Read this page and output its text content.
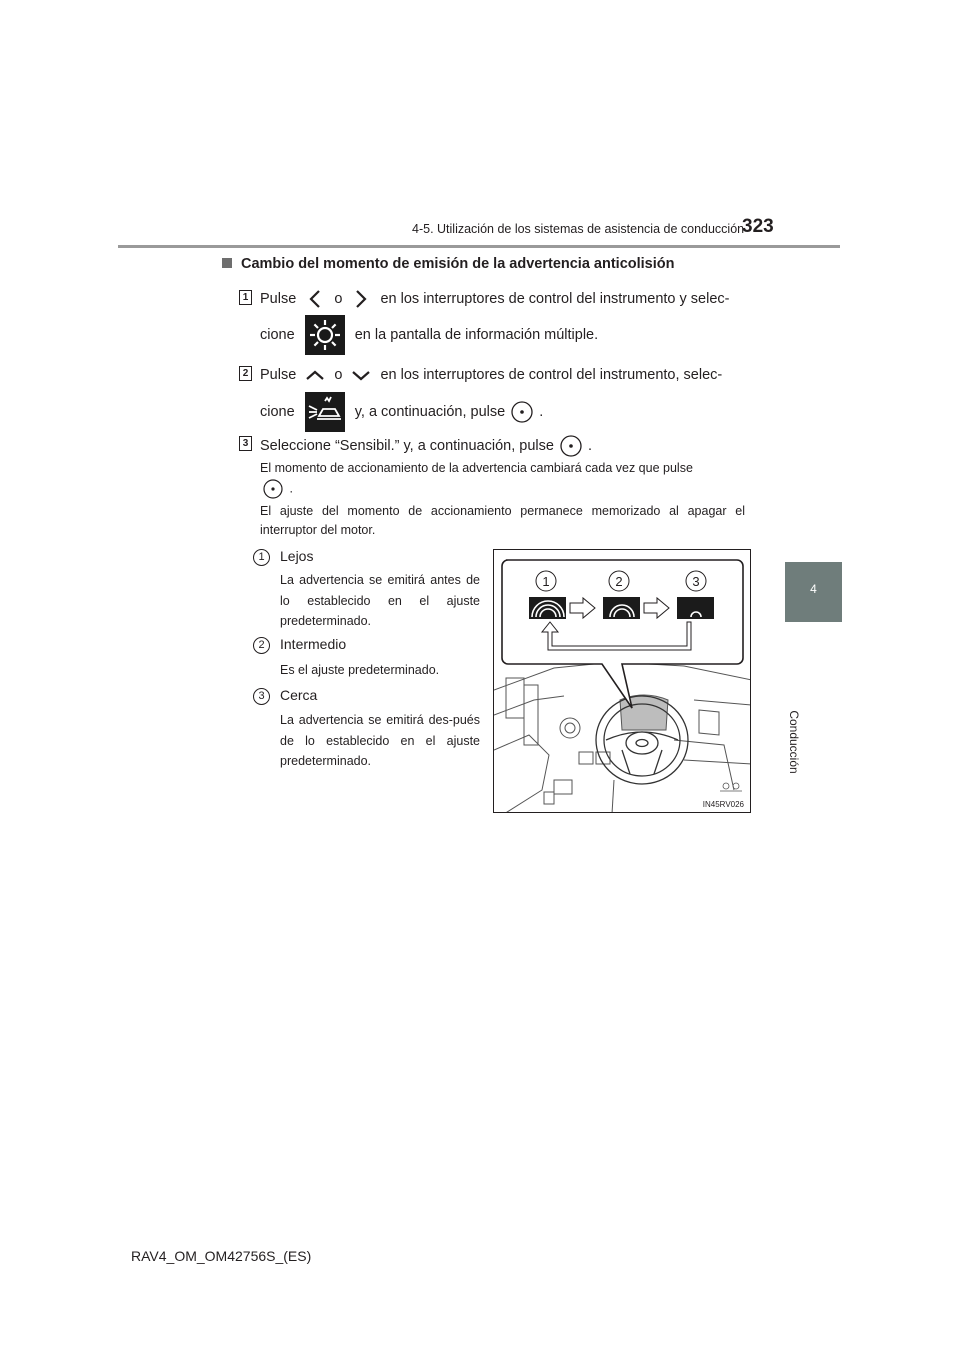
4-5. Utilización de los sistemas de asistencia de conducción
323
4
Conducción
Cambio del momento de emisión de la advertencia anticolisión
1 Pulse	o	en los interruptores de control del instrumento y selec-
cione	en la pantalla de información múltiple.
2 Pulse	o	en los interruptores de control del instrumento, selec-
cione	y, a continuación, pulse .
3 Seleccione “Sensibil.” y, a continuación, pulse .
El momento de accionamiento de la advertencia cambiará cada vez que pulse
.
El ajuste del momento de accionamiento permanece memorizado al apagar el interruptor del motor.
1	Lejos
La advertencia se emitirá antes de lo establecido en el ajuste predeterminado.
2	Intermedio
Es el ajuste predeterminado.
3	Cerca
La advertencia se emitirá des-pués de lo establecido en el ajuste predeterminado.
1	2	3
IN45RV026
RAV4_OM_OM42756S_(ES)
